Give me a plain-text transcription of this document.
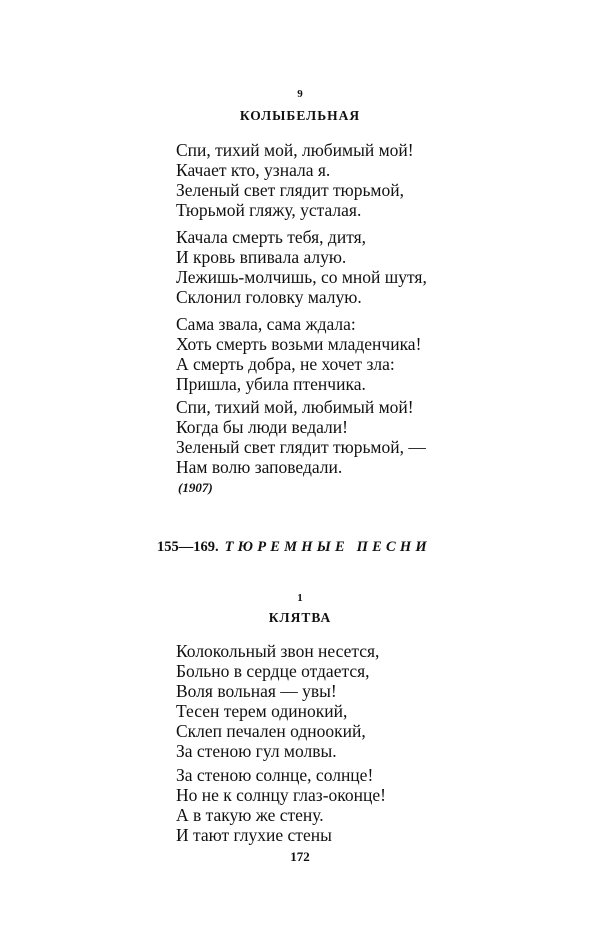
9
КОЛЫБЕЛЬНАЯ
Спи, тихий мой, любимый мой!
Качает кто, узнала я.
Зеленый свет глядит тюрьмой,
Тюрьмой гляжу, усталая.
Качала смерть тебя, дитя,
И кровь впивала алую.
Лежишь-молчишь, со мной шутя,
Склонил головку малую.
Сама звала, сама ждала:
Хоть смерть возьми младенчика!
А смерть добра, не хочет зла:
Пришла, убила птенчика.
Спи, тихий мой, любимый мой!
Когда бы люди ведали!
Зеленый свет глядит тюрьмой, —
Нам волю заповедали.
(1907)
155—169. ТЮРЕМНЫЕ ПЕСНИ
1
КЛЯТВА
Колокольный звон несется,
Больно в сердце отдается,
Воля вольная — увы!
Тесен терем одинокий,
Склеп печален одноокий,
За стеною гул молвы.
За стеною солнце, солнце!
Но не к солнцу глаз-оконце!
А в такую же стену.
И тают глухие стены
172
